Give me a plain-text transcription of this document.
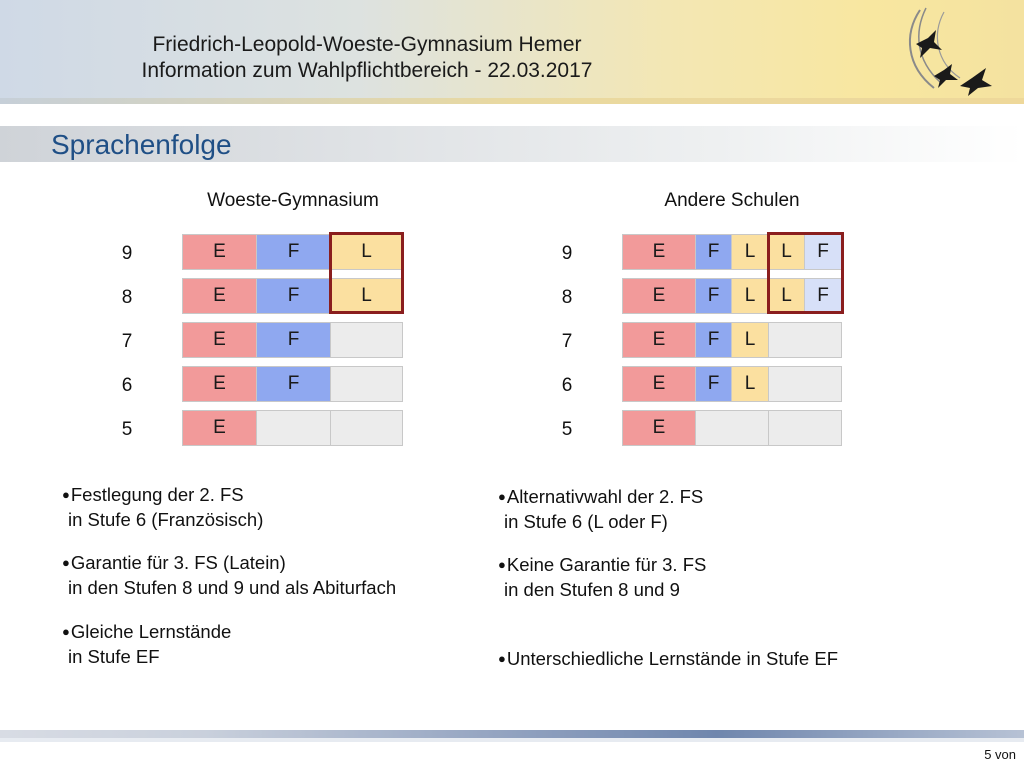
Friedrich-Leopold-Woeste-Gymnasium Hemer
Information zum Wahlpflichtbereich - 22.03.2017
Sprachenfolge
Woeste-Gymnasium	Andere Schulen
9	E	F	L
8	E	F	L
7	E	F
6	E	F
5	E
9	E	F	L	L	F
8	E	F	L	L	F
7	E	F	L
6	E	F	L
5	E
●Festlegung der 2. FS
in Stufe 6 (Französisch)
●Garantie für 3. FS (Latein)
in den Stufen 8 und 9 und als Abiturfach
●Gleiche Lernstände
in Stufe EF
●Alternativwahl der 2. FS
in Stufe 6 (L oder F)
●Keine Garantie für 3. FS
in den Stufen 8 und 9
●Unterschiedliche Lernstände in Stufe EF
5 von
